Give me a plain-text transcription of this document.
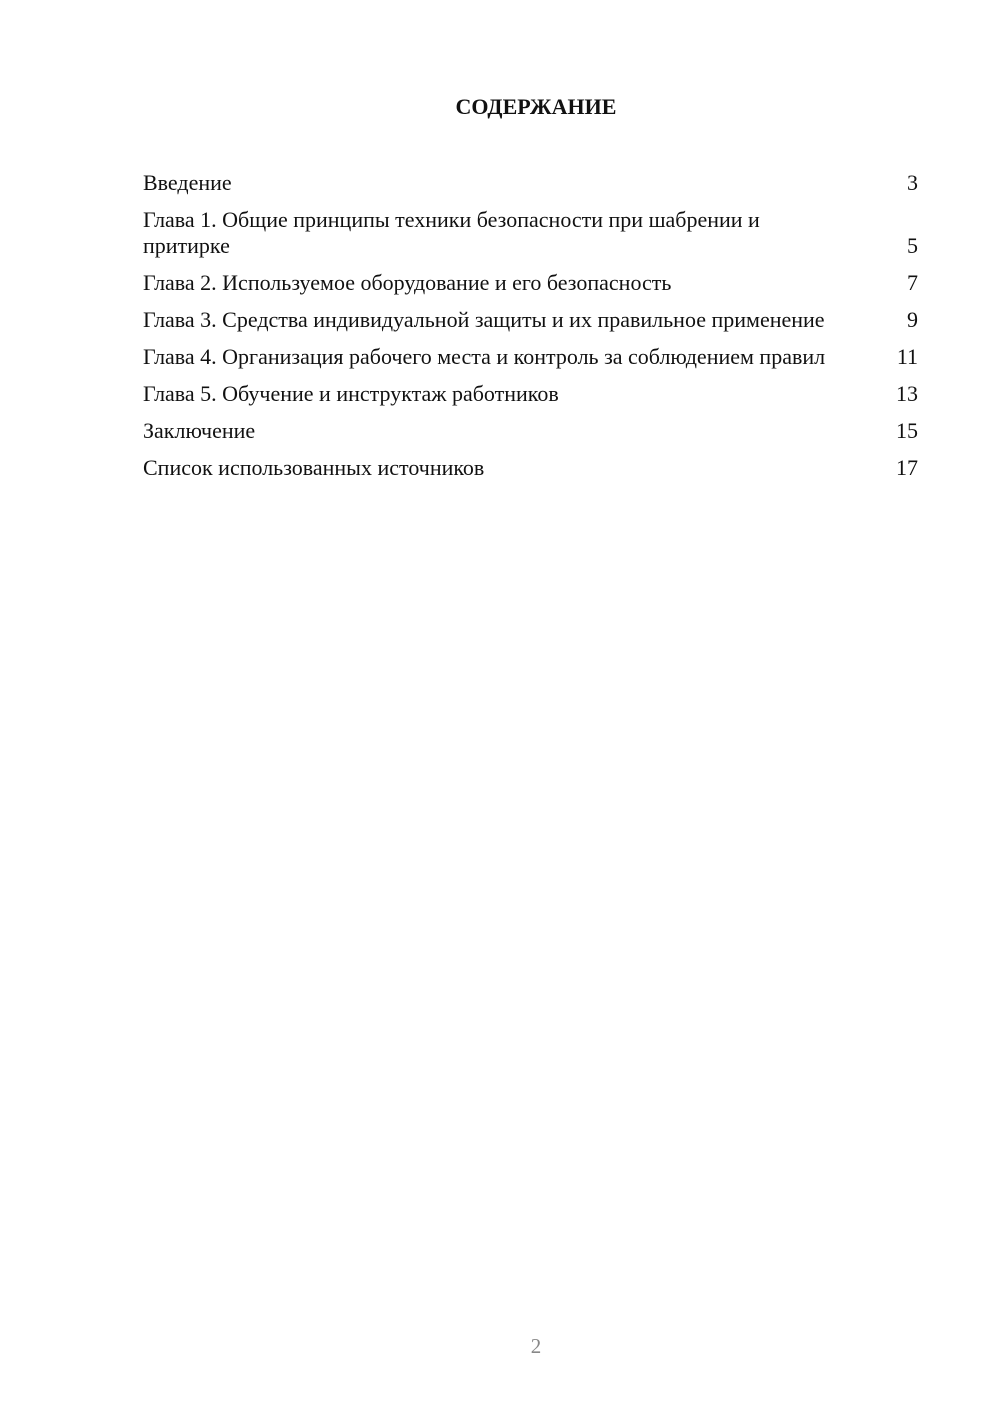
СОДЕРЖАНИЕ
Введение	3
Глава 1. Общие принципы техники безопасности при шабрении и притирке	5
Глава 2. Используемое оборудование и его безопасность	7
Глава 3. Средства индивидуальной защиты и их правильное применение	9
Глава 4. Организация рабочего места и контроль за соблюдением правил	11
Глава 5. Обучение и инструктаж работников	13
Заключение	15
Список использованных источников	17
2
